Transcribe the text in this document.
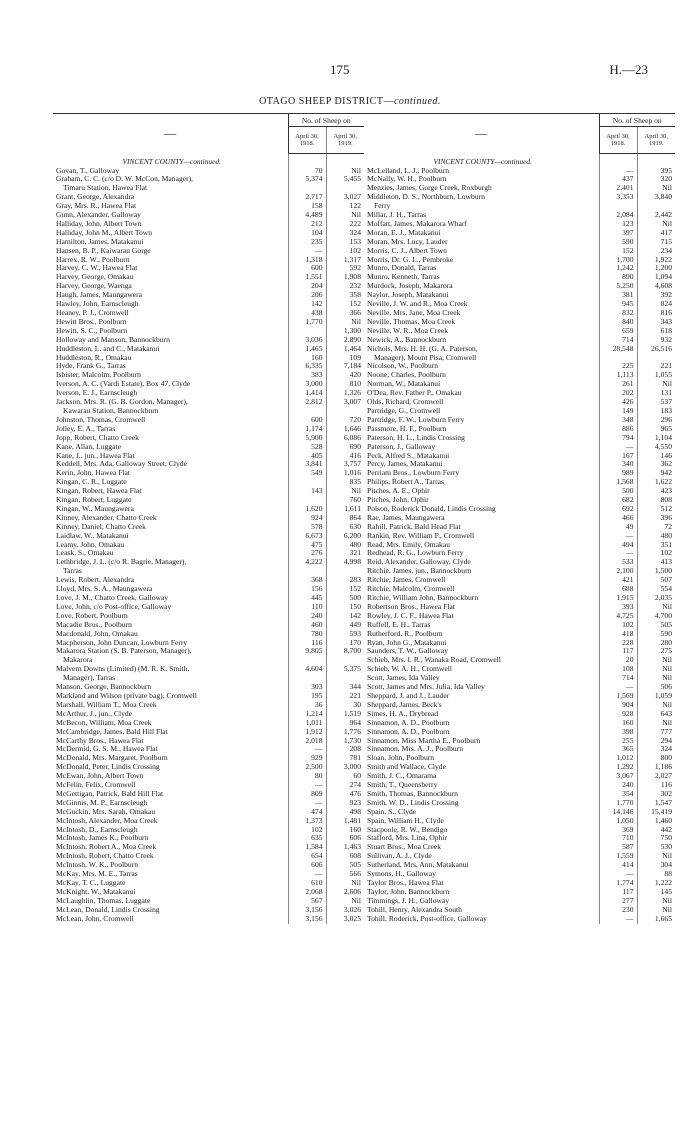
175	H.—23
OTAGO SHEEP DISTRICT—continued.
—	No. of Sheep on	
	April 30, 1918.	April 30, 1919.
VINCENT COUNTY—continued.		
Govan, T., Galloway	70	Nil
Graham, C. C. (c/o D. W. McCon, Manager),	5,374	5,455
Timaru Station, Hawea Flat		
Grant, George, Alexandra	2,717	3,027
Gray, Mrs. R., Hawea Flat	158	122
Gunn, Alexander, Galloway	4,489	Nil
Halliday, John, Albert Town	212	222
Halliday, John M., Albert Town	104	324
Hamilton, James, Matakanui	235	153
Hansen, B. P., Kaiwarau Gorge	—	102
Harrex, R. W., Poolburn	1,318	1,317
Harvey, C. W., Hawea Flat	600	592
Harvey, George, Omakau	1,551	1,908
Harvey, George, Waenga	204	232
Haugh, James, Maungawera	206	358
Hawley, John, Earnscleugh	142	152
Heaney, P. J., Cromwell	438	366
Hewitt Bros., Poolburn	1,770	Nil
Hewitt, S. C., Poolburn		1,300
Holloway and Manson, Bannockburn	3,036	2,890
Huddleston, L. and C., Matakanui	1,465	1,464
Huddleston, R., Omakau	160	109
Hyde, Frank G., Tarras	6,335	7,184
Isbister, Malcolm, Poolburn	383	420
Iverson, A. C. (Vardi Estate), Box 47, Clyde	3,000	810
Iverson, E. J., Earnscleugh	1,414	1,326
Jackson, Mrs. R. (G. B. Gordon, Manager),	2,812	3,007
Kawarau Station, Bannockburn		
Johnston, Thomas, Cromwell	600	720
Jolley, E. A., Tarras	1,174	1,646
Jopp, Robert, Chatto Creek	5,900	6,086
Kane, Allan, Luggate	528	690
Kane, J., jun., Hawea Flat	405	416
Keddell, Mrs. Ada, Galloway Street, Clyde	3,841	3,757
Kerin, John, Hawea Flat	549	1,016
Kingan, C. R., Luggate		835
Kingan, Robert, Hawea Flat	143	Nil
Kingan, Robert, Luggate		760
Kingan, W., Maungawera	1,620	1,611
Kinney, Alexander, Chatto Creek	924	864
Kinney, Daniel, Chatto Creek	578	630
Laidlaw, W., Matakanui	6,673	6,200
Leamy, John, Omakau	475	480
Leask, S., Omakau	276	321
Lethbridge, J. L. (c/o R. Bagrie, Manager),	4,222	4,998
Tarras		
Lewis, Robert, Alexandra	368	283
Lloyd, Mrs. S. A., Maungawera	156	152
Love, J. M., Chatto Creek, Galloway	445	500
Love, John, c/o Post-office, Galloway	110	150
Love, Robert, Poolburn	240	142
Macadie Bros., Poolburn	460	449
Macdonald, John, Omakau	780	593
Macpherson, John Duncan, Lowburn Ferry	116	170
Makarora Station (S. B. Paterson, Manager),	9,805	8,700
Makarora		
Malvern Downs (Limited) (M. R. K. Smith,	4,604	5,375
Manager), Tarras		
Manson, George, Bannockburn	303	344
Markland and Wilson (private bag), Cromwell	195	221
Marshall, William T., Moa Creek	36	30
McArthur, J., jun., Clyde	1,214	1,519
McBecon, William, Moa Creek	1,011	964
McCambridge, James, Bald Hill Flat	1,912	1,776
McCarthy Bros., Hawea Flat	2,018	1,730
McDermid, G. S. M., Hawea Flat	—	208
McDonald, Mrs. Margaret, Poolburn	929	781
McDonald, Peter, Lindis Crossing	2,500	3,000
McEwan, John, Albert Town	80	60
McFelin, Felix, Cromwell	—	274
McGettigan, Patrick, Bald Hill Flat	809	476
McGinnis, M. P., Earnscleugh	—	923
McGuckin, Mrs. Sarah, Omakau	474	498
McIntosh, Alexander, Moa Creek	1,373	1,481
McIntosh, D., Earnscleugh	102	160
McIntosh, James K., Poolburn	635	606
McIntosh, Robert A., Moa Creek	1,584	1,463
McIntosh, Robert, Chatto Creek	654	608
McIntosh, W. K., Poolburn	606	505
McKay, Mrs. M. E., Tarras	—	566
McKay, T. C., Luggate	610	Nil
McKnight, W., Matakanui	2,068	2,606
McLaughlin, Thomas, Luggate	567	Nil
McLean, Donald, Lindis Crossing	3,156	3,026
McLean, John, Cromwell	3,156	3,025
—	No. of Sheep on	
	April 30, 1918.	April 30, 1919.
VINCENT COUNTY—continued.		
McLelland, L. J., Poolburn	—	395
McNally, W. H., Poolburn	437	320
Menzies, James, Gorge Creek, Roxburgh	2,401	Nil
Middleton, D. S., Northburn, Lowburn	3,353	3,840
Ferry		
Millar, J. H., Tarras	2,084	2,442
Moffatt, James, Makarora Wharf	123	Nil
Moran, E. J., Matakanui	397	417
Moran, Mrs. Lucy, Lauder	590	715
Morris, C. J., Albert Town	152	234
Morris, Dr. G. L., Pembroke	1,700	1,922
Munro, Donald, Tarras	1,242	1,200
Munro, Kenneth, Tarras	890	1,094
Murdock, Joseph, Makarora	5,250	4,608
Naylor, Joseph, Matakanui	381	392
Neville, J. W. and R., Moa Creek	945	824
Neville, Mrs. Jane, Moa Creek	832	816
Neville, Thomas, Moa Creek	840	343
Neville, W. R., Moa Creek	659	618
Newick, A., Bannockburn	714	932
Nichols, Mrs. H. H. (G. A. Paterson,	28,548	26,516
Manager), Mount Pisa, Cromwell		
Nicolson, W., Poolburn	225	221
Noone, Charles, Poolburn	1,113	1,055
Norman, W., Matakanui	261	Nil
O'Dea, Rev. Father P., Omakau	202	131
Olds, Richard, Cromwell	426	537
Partridge, G., Cromwell	149	183
Partridge, F. W., Lowburn Ferry	348	296
Passmore, H. F., Poolburn	886	965
Paterson, H. L., Lindis Crossing	794	1,104
Paterson, J., Galloway	—	4,550
Peck, Alfred S., Matakanui	167	146
Percy, James, Matakanui	340	362
Perriam Bros., Lowburn Ferry	989	942
Philips, Robert A., Tarras	1,568	1,622
Pitches, A. E., Ophir	500	423
Pitches, John, Ophir	682	808
Polson, Roderick Donald, Lindis Crossing	692	512
Rae, James, Maungawera	466	396
Rahill, Patrick, Bald Head Flat	49	72
Rankin, Rev. William P., Cromwell	—	480
Read, Mrs. Emily, Omakau	494	351
Redhead, R. G., Lowburn Ferry	—	102
Reid, Alexander, Galloway, Clyde	533	413
Ritchie, James, jun., Bannockburn	2,100	1,500
Ritchie, James, Cromwell	421	507
Ritchie, Malcolm, Cromwell	688	554
Ritchie, William John, Bannockburn	1,915	2,035
Robertson Bros., Hawea Flat	393	Nil
Rowley, J. C. F., Hawea Flat	4,725	4,700
Ruffell, E. H., Tarras	102	505
Rutherford, R., Poolburn	418	590
Ryan, John G., Matakanui	228	280
Saunders, T. W., Galloway	117	275
Schieb, Mrs. I. R., Wanaka Road, Cromwell	20	Nil
Schieb, W. A. H., Cromwell	108	Nil
Scott, James, Ida Valley	714	Nil
Scott, James and Mrs. Julia, Ida Valley	—	506
Sheppard, J. and J., Lauder	1,569	1,059
Sheppard, James, Beck's	904	Nil
Simes, H. A., Drybread	928	643
Sinnamon, A. D., Poolburn	160	Nil
Sinnamon, A. D., Poolburn	398	777
Sinnamon, Miss Martha E., Poolburn	255	294
Sinnamon, Mrs. A. J., Poolburn	365	324
Sloan, John, Poolburn	1,012	800
Smith and Wallace, Clyde	1,292	1,186
Smith, J. C., Omarama	3,067	2,027
Smith, T., Queensberry	240	116
Smith, Thomas, Bannockburn	354	302
Smith, W. D., Lindis Crossing	1,770	1,547
Spain, S., Clyde	14,146	15,419
Spain, William H., Clyde	1,050	1,460
Stacpoole, R. W., Bendigo	369	442
Stafford, Mrs. Lina, Ophir	710	750
Stuart Bros., Moa Creek	587	530
Sullivan, A. J., Clyde	1,559	Nil
Sutherland, Mrs. Ann, Matakanui	414	304
Symons, H., Galloway	—	88
Taylor Bros., Hawea Flat	1,774	1,222
Taylor, John, Bannockburn	117	145
Timmings, J. H., Galloway	277	Nil
Tohill, Henry, Alexandra South	230	Nil
Tohill, Roderick, Post-office, Galloway	—	1,665
